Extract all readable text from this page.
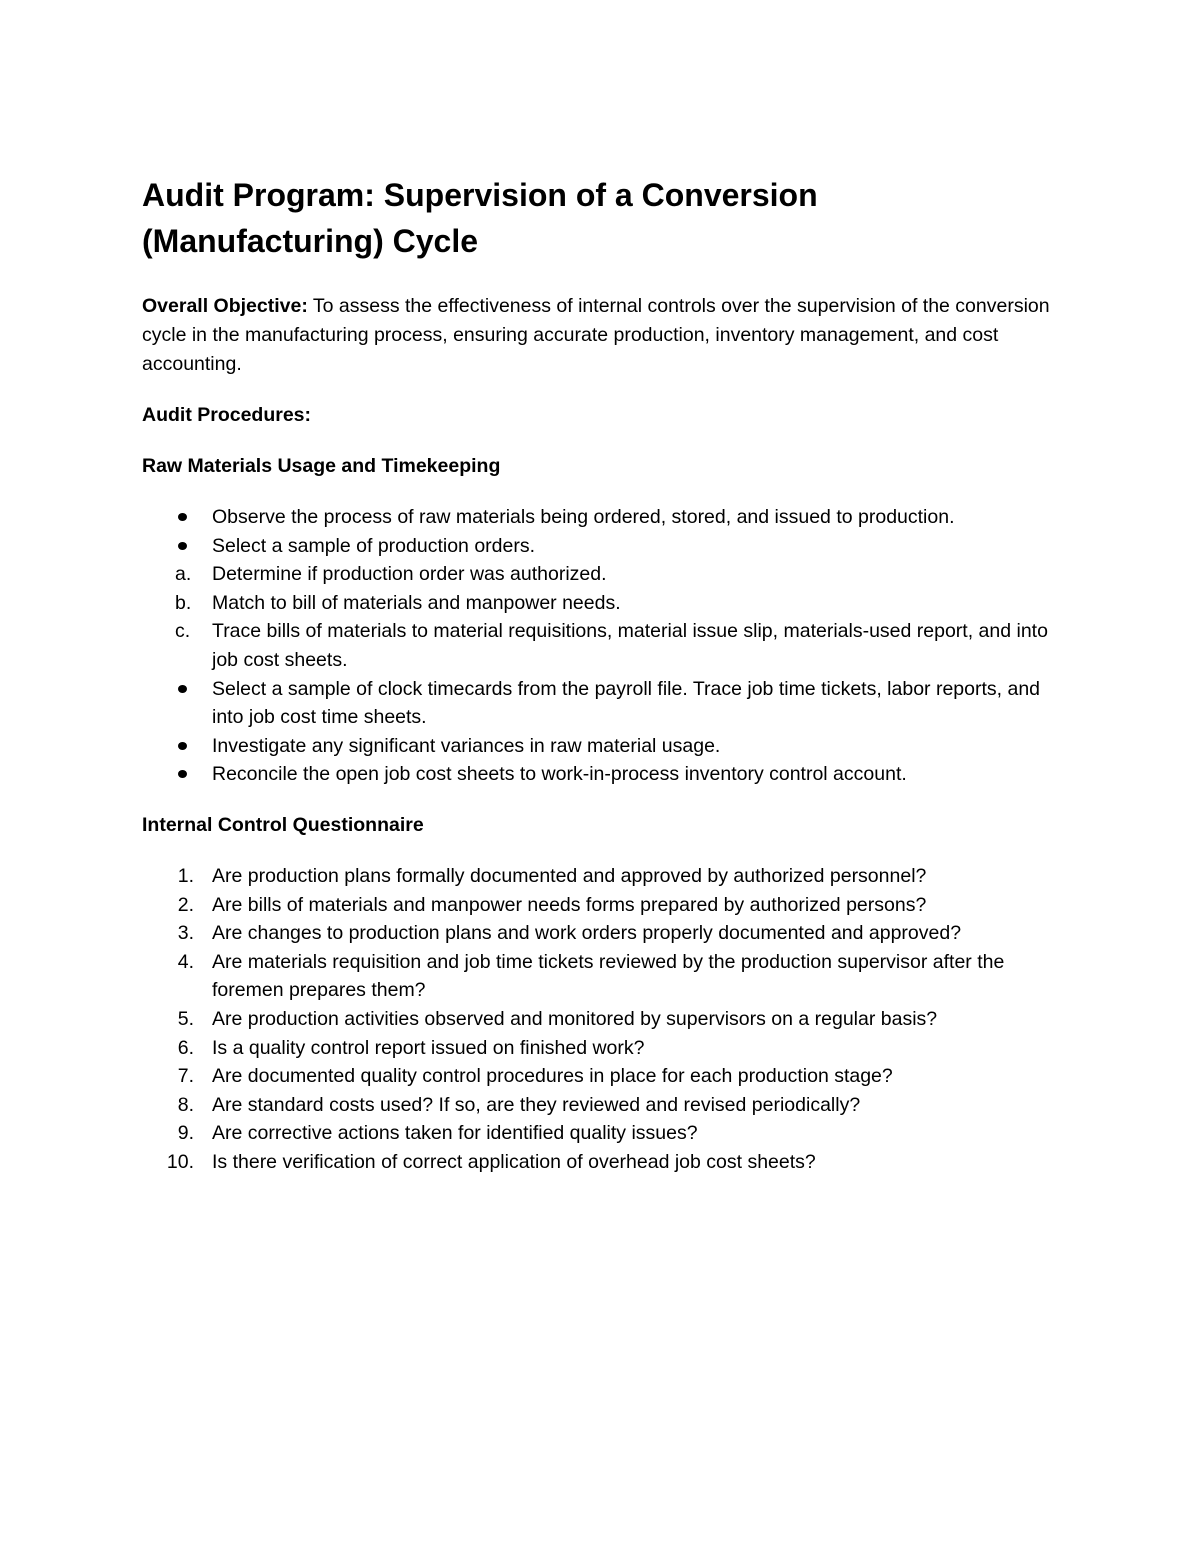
Audit Program: Supervision of a Conversion
(Manufacturing) Cycle

Overall Objective: To assess the effectiveness of internal controls over the supervision of the conversion cycle in the manufacturing process, ensuring accurate production, inventory management, and cost accounting.

Audit Procedures:
Raw Materials Usage and Timekeeping
Observe the process of raw materials being ordered, stored, and issued to production.
Select a sample of production orders.
a. Determine if production order was authorized.
b. Match to bill of materials and manpower needs.
c. Trace bills of materials to material requisitions, material issue slip, materials-used report, and into job cost sheets.
Select a sample of clock timecards from the payroll file. Trace job time tickets, labor reports, and into job cost time sheets.
Investigate any significant variances in raw material usage.
Reconcile the open job cost sheets to work-in-process inventory control account.
Internal Control Questionnaire
1. Are production plans formally documented and approved by authorized personnel?
2. Are bills of materials and manpower needs forms prepared by authorized persons?
3. Are changes to production plans and work orders properly documented and approved?
4. Are materials requisition and job time tickets reviewed by the production supervisor after the foremen prepares them?
5. Are production activities observed and monitored by supervisors on a regular basis?
6. Is a quality control report issued on finished work?
7. Are documented quality control procedures in place for each production stage?
8. Are standard costs used? If so, are they reviewed and revised periodically?
9. Are corrective actions taken for identified quality issues?
10. Is there verification of correct application of overhead job cost sheets?
